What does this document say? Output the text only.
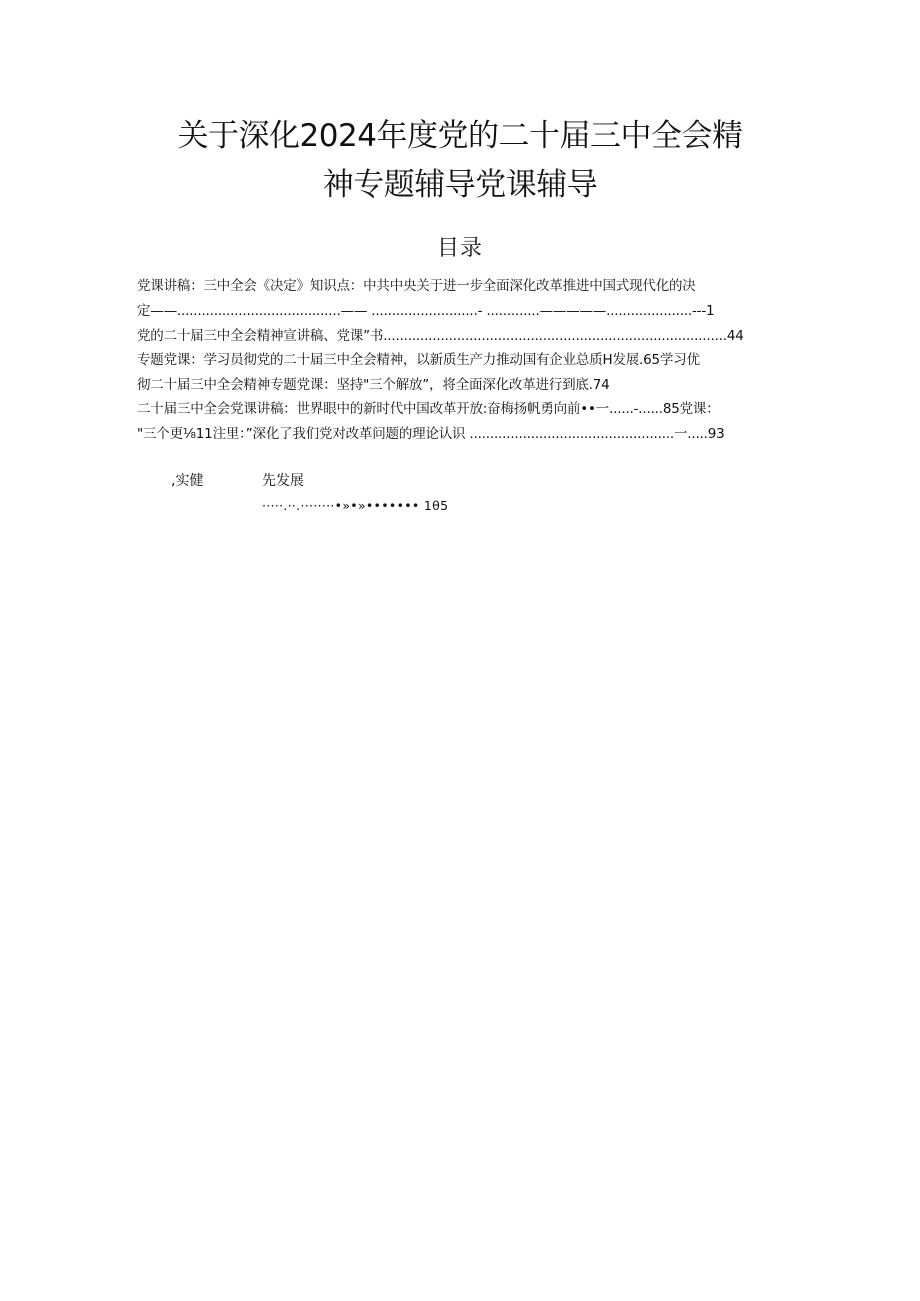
关于深化2024年度党的二十届三中全会精
神专题辅导党课辅导
目录
党课讲稿：三中全会《决定》知识点：中共中央关于进一步全面深化改革推进中国式现代化的决
定——........................................—— ..........................- .............—————.....................---1
党的二十届三中全会精神宣讲稿、党课”书....................................................................................44
专题党课：学习员彻党的二十届三中全会精神，以新质生产力推动国有企业总质H发展.65学习优
彻二十届三中全会精神专题党课：坚持"三个解放”，将全面深化改革进行到底.74
二十届三中全会党课讲稿：世界眼中的新时代中国改革开放:奋梅扬帆勇向前••一......-......85党课：
"三个更⅛11注里：”深化了我们党对改革问题的理论认识 ..................................................一.....93
,实健	先发展
·····.··.········•»•»••••••• 1θ5
